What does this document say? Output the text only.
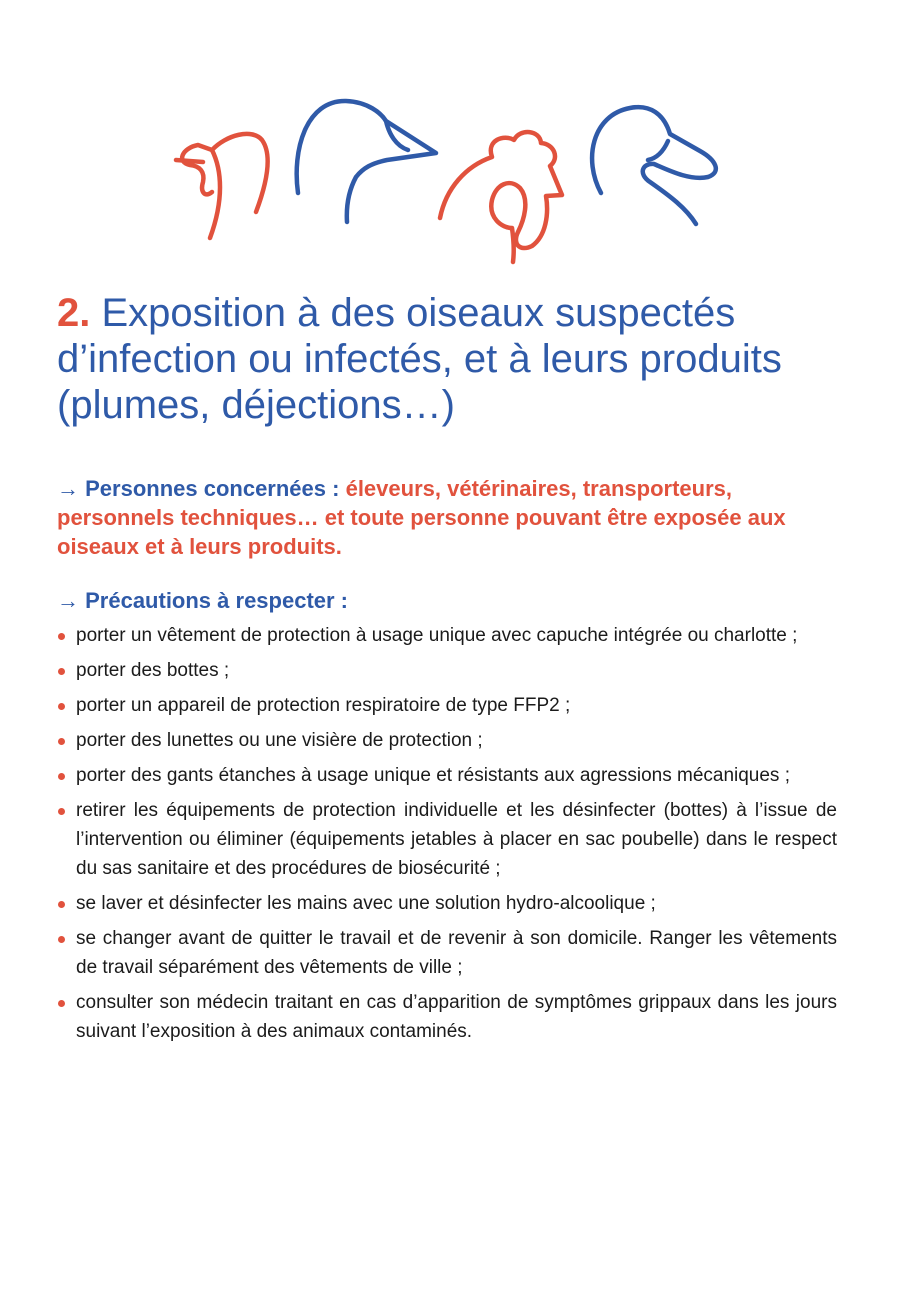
2. Exposition à des oiseaux suspectés d’infection ou infectés, et à leurs produits (plumes, déjections…)

→ Personnes concernées : éleveurs, vétérinaires, transporteurs, personnels techniques… et toute personne pouvant être exposée aux oiseaux et à leurs produits.

→ Précautions à respecter :

porter un vêtement de protection à usage unique avec capuche intégrée ou charlotte ;
porter des bottes ;
porter un appareil de protection respiratoire de type FFP2 ;
porter des lunettes ou une visière de protection ;
porter des gants étanches à usage unique et résistants aux agressions mécaniques ;
retirer les équipements de protection individuelle et les désinfecter (bottes) à l’issue de l’intervention ou éliminer (équipements jetables à placer en sac poubelle) dans le respect du sas sanitaire et des procédures de biosécurité ;
se laver et désinfecter les mains avec une solution hydro-alcoolique ;
se changer avant de quitter le travail et de revenir à son domicile. Ranger les vêtements de travail séparément des vêtements de ville ;
consulter son médecin traitant en cas d’apparition de symptômes grippaux dans les jours suivant l’exposition à des animaux contaminés.
